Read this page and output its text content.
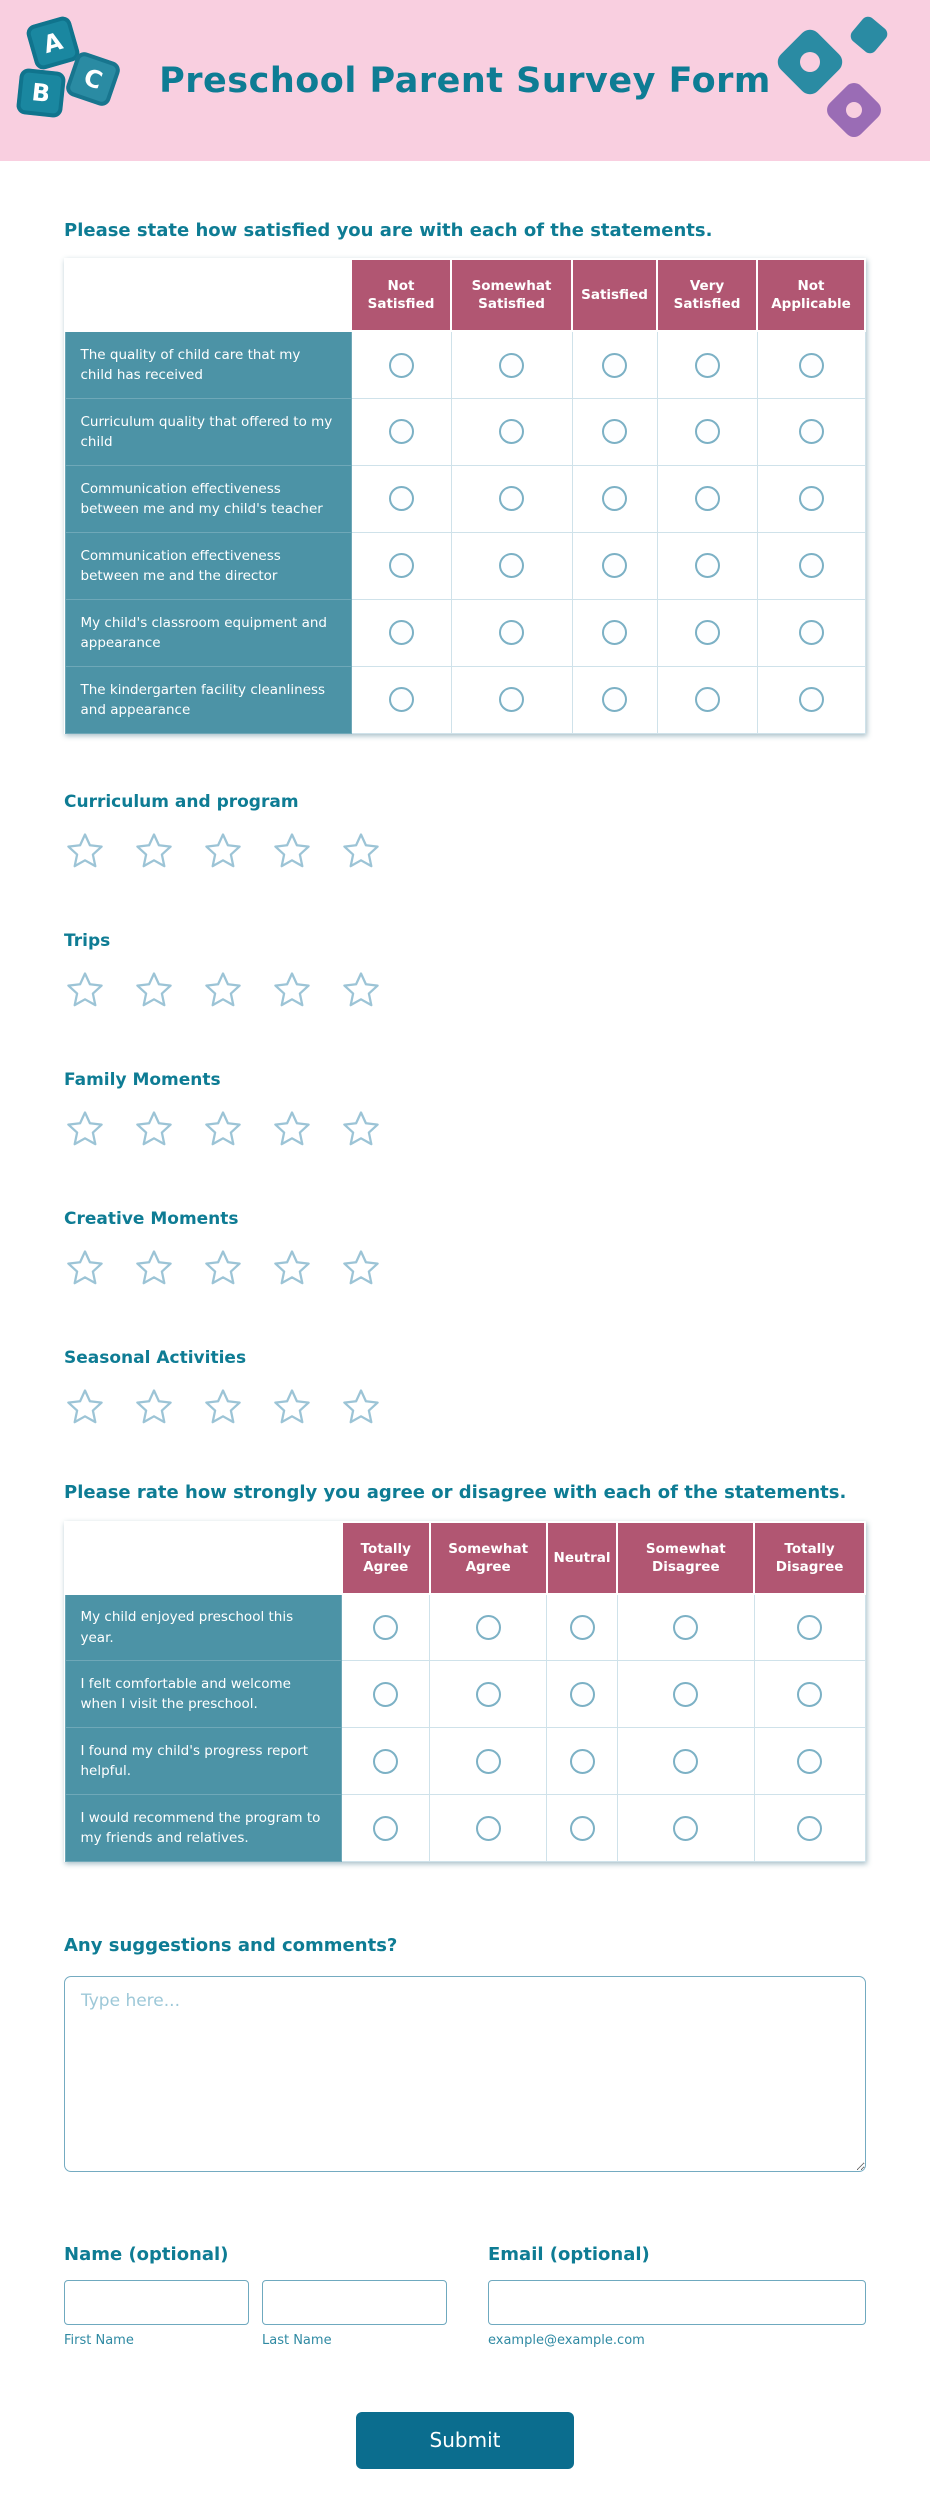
A
B C Preschool Parent Survey Form
Please state how satisfied you are with each of the statements.
	Not Satisfied	Somewhat Satisfied	Satisfied	Very Satisfied	Not Applicable
The quality of child care that my child has received					
Curriculum quality that offered to my child					
Communication effectiveness between me and my child's teacher					
Communication effectiveness between me and the director					
My child's classroom equipment and appearance					
The kindergarten facility cleanliness and appearance					
Curriculum and program
Trips
Family Moments
Creative Moments
Seasonal Activities
Please rate how strongly you agree or disagree with each of the statements.
	Totally Agree	Somewhat Agree	Neutral	Somewhat Disagree	Totally Disagree
My child enjoyed preschool this year.					
I felt comfortable and welcome when I visit the preschool.					
I found my child's progress report helpful.					
I would recommend the program to my friends and relatives.					
Any suggestions and comments?
Type here...
Name (optional)
First Name	Last Name
Email (optional)
example@example.com
Submit
